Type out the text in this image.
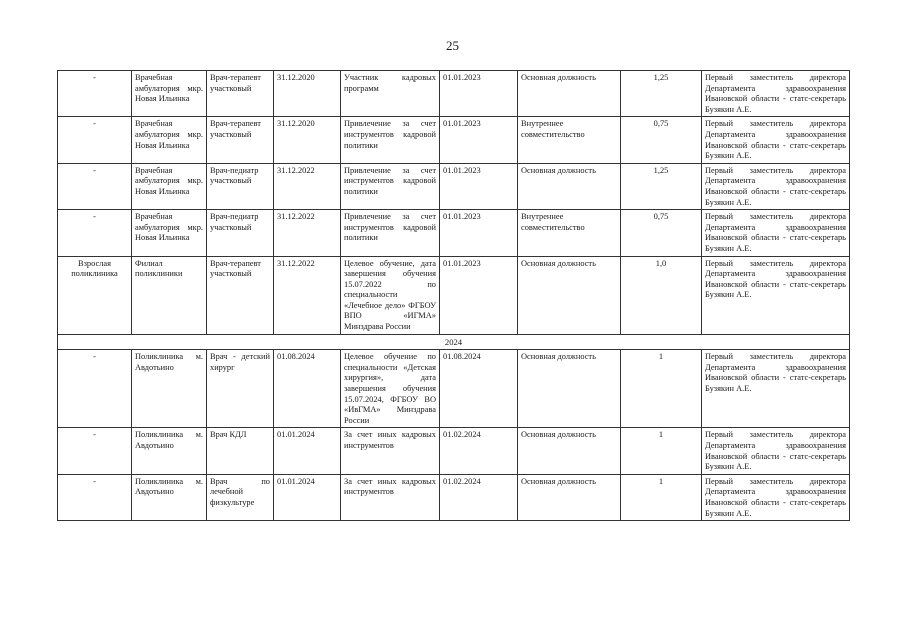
25
-	Врачебная амбулатория мкр. Новая Ильинка	Врач-терапевт участковый	31.12.2020	Участник кадровых программ	01.01.2023	Основная должность	1,25	Первый заместитель директора Департамента здравоохранения Ивановской области - статс-секретарь Бузякин А.Е.
-	Врачебная амбулатория мкр. Новая Ильинка	Врач-терапевт участковый	31.12.2020	Привлечение за счет инструментов кадровой политики	01.01.2023	Внутреннее совместительство	0,75	Первый заместитель директора Департамента здравоохранения Ивановской области - статс-секретарь Бузякин А.Е.
-	Врачебная амбулатория мкр. Новая Ильинка	Врач-педиатр участковый	31.12.2022	Привлечение за счет инструментов кадровой политики	01.01.2023	Основная должность	1,25	Первый заместитель директора Департамента здравоохранения Ивановской области - статс-секретарь Бузякин А.Е.
-	Врачебная амбулатория мкр. Новая Ильинка	Врач-педиатр участковый	31.12.2022	Привлечение за счет инструментов кадровой политики	01.01.2023	Внутреннее совместительство	0,75	Первый заместитель директора Департамента здравоохранения Ивановской области - статс-секретарь Бузякин А.Е.
Взрослая поликлиника	Филиал поликлиники	Врач-терапевт участковый	31.12.2022	Целевое обучение, дата завершения обучения 15.07.2022 по специальности «Лечебное дело» ФГБОУ ВПО «ИГМА» Минздрава России	01.01.2023	Основная должность	1,0	Первый заместитель директора Департамента здравоохранения Ивановской области - статс-секретарь Бузякин А.Е.
2024								
-	Поликлиника м. Авдотьино	Врач - детский хирург	01.08.2024	Целевое обучение по специальности «Детская хирургия», дата завершения обучения 15.07.2024, ФГБОУ ВО «ИвГМА» Минздрава России	01.08.2024	Основная должность	1	Первый заместитель директора Департамента здравоохранения Ивановской области - статс-секретарь Бузякин А.Е.
-	Поликлиника м. Авдотьино	Врач КДЛ	01.01.2024	За счет иных кадровых инструментов	01.02.2024	Основная должность	1	Первый заместитель директора Департамента здравоохранения Ивановской области - статс-секретарь Бузякин А.Е.
-	Поликлиника м. Авдотьино	Врач по лечебной физкультуре	01.01.2024	За счет иных кадровых инструментов	01.02.2024	Основная должность	1	Первый заместитель директора Департамента здравоохранения Ивановской области - статс-секретарь Бузякин А.Е.
